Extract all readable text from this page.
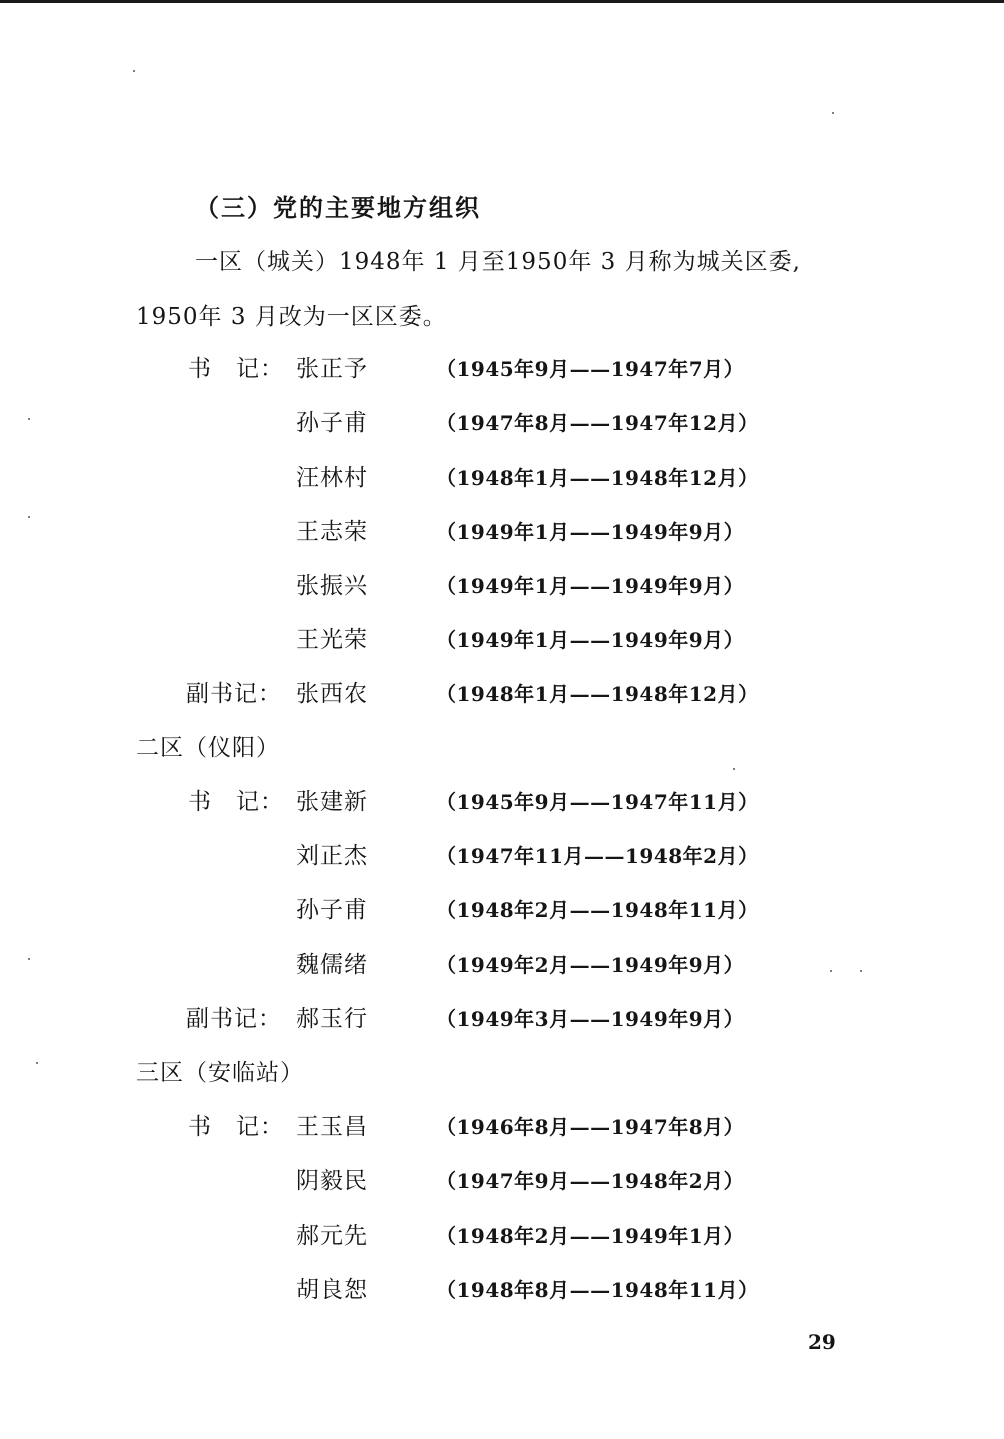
（三）党的主要地方组织
一区（城关）1948年 1 月至1950年 3 月称为城关区委,
1950年 3 月改为一区区委。
书　记： 张正予	（1945年9月——1947年7月）
孙子甫	（1947年8月——1947年12月）
汪林村	（1948年1月——1948年12月）
王志荣	（1949年1月——1949年9月）
张振兴	（1949年1月——1949年9月）
王光荣	（1949年1月——1949年9月）
副书记： 张西农	（1948年1月——1948年12月）
二区（仪阳）
书　记： 张建新	（1945年9月——1947年11月）
刘正杰	（1947年11月——1948年2月）
孙子甫	（1948年2月——1948年11月）
魏儒绪	（1949年2月——1949年9月）
副书记： 郝玉行	（1949年3月——1949年9月）
三区（安临站）
书　记： 王玉昌	（1946年8月——1947年8月）
阴毅民	（1947年9月——1948年2月）
郝元先	（1948年2月——1949年1月）
胡良恕	（1948年8月——1948年11月）
29
